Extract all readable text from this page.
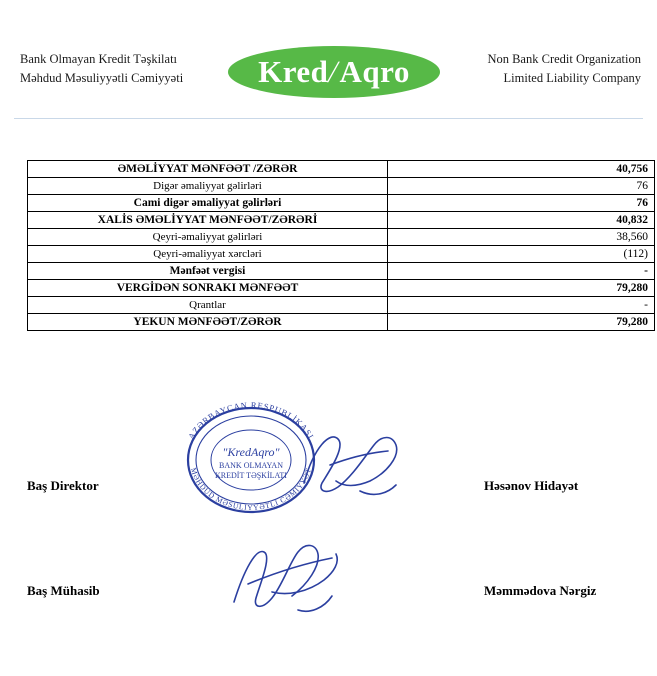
Bank Olmayan Kredit Təşkilatı
Məhdud Məsuliyyətli Cəmiyyəti	Kred/Aqro	Non Bank Credit Organization
Limited Liability Company
ƏMƏLİYYAT MƏNFƏƏT /ZƏRƏR	40,756
Digər əmaliyyat gəlirləri	76
Cami digər əmaliyyat gəlirləri	76
XALİS ƏMƏLİYYAT MƏNFƏƏT/ZƏRƏRİ	40,832
Qeyri-əmaliyyat gəlirləri	38,560
Qeyri-əmaliyyat xərcləri	(112)
Mənfəət vergisi	-
VERGİDƏN SONRAKI MƏNFƏƏT	79,280
Qrantlar	-
YEKUN MƏNFƏƏT/ZƏRƏR	79,280
AZƏRBAYCAN RESPUBLİKASI
MƏHDUD MƏSULİYYƏTLİ CƏMİYYƏT
"KredAqro"
BANK OLMAYAN
KREDİT TƏŞKİLATI
Baş Direktor	Həsənov Hidayət
Baş Mühasib	Məmmədova Nərgiz
